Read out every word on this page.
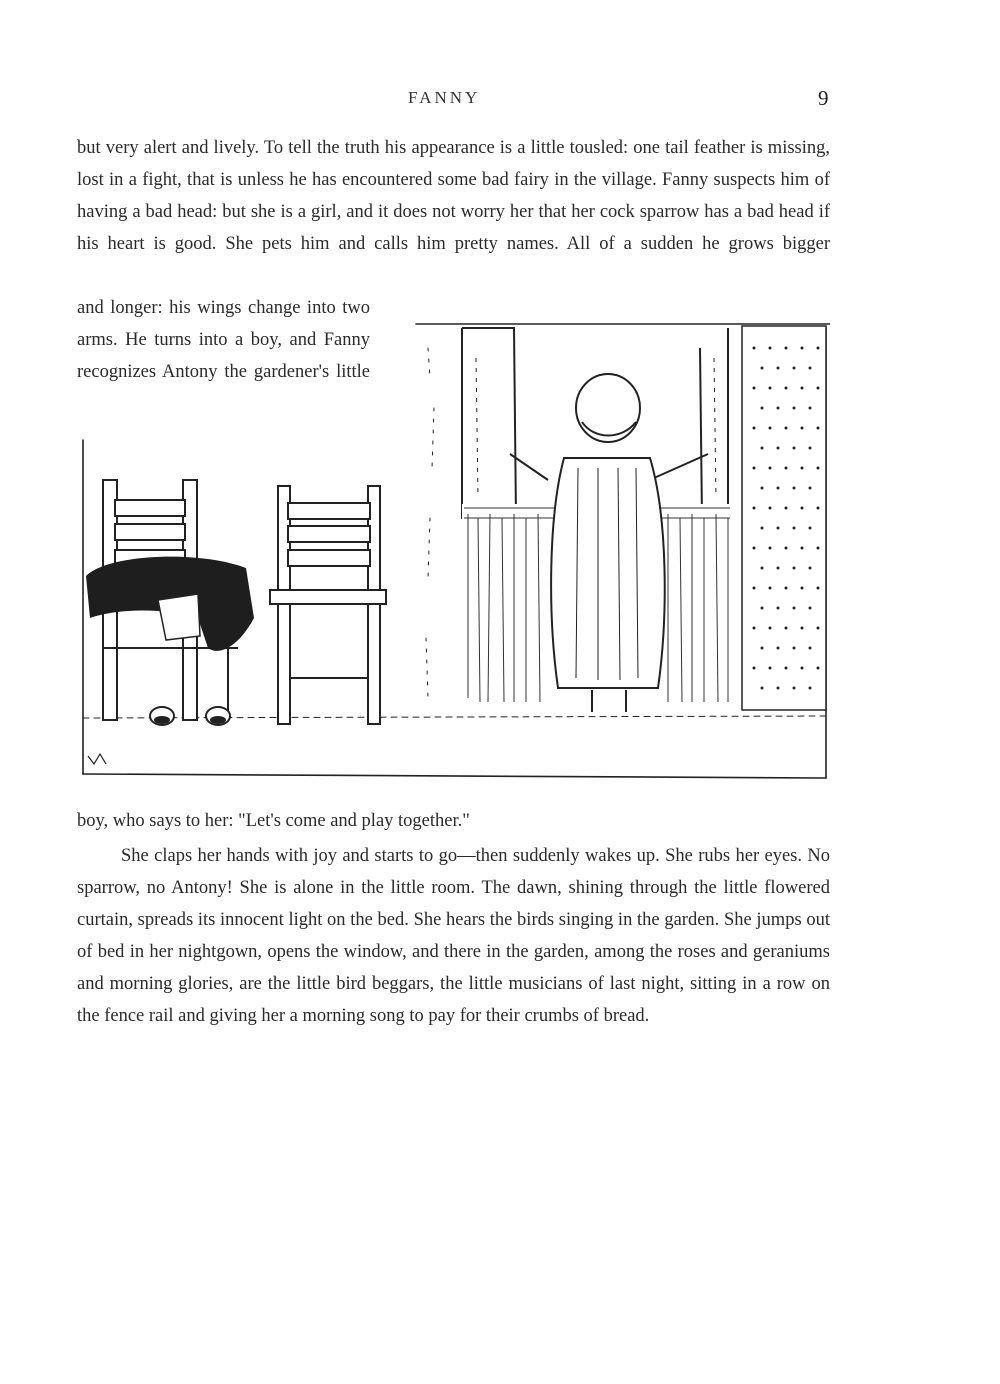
FANNY	9

but very alert and lively. To tell the truth his appearance is a little tousled: one tail feather is missing, lost in a fight, that is unless he has encountered some bad fairy in the village. Fanny suspects him of having a bad head: but she is a girl, and it does not worry her that her cock sparrow has a bad head if his heart is good. She pets him and calls him pretty names. All of a sudden he grows bigger

and longer: his wings change into two arms. He turns into a boy, and Fanny recognizes Antony the gardener's little

boy, who says to her: "Let's come and play together."

She claps her hands with joy and starts to go—then suddenly wakes up. She rubs her eyes. No sparrow, no Antony! She is alone in the little room. The dawn, shining through the little flowered curtain, spreads its innocent light on the bed. She hears the birds singing in the garden. She jumps out of bed in her nightgown, opens the window, and there in the garden, among the roses and geraniums and morning glories, are the little bird beggars, the little musicians of last night, sitting in a row on the fence rail and giving her a morning song to pay for their crumbs of bread.
